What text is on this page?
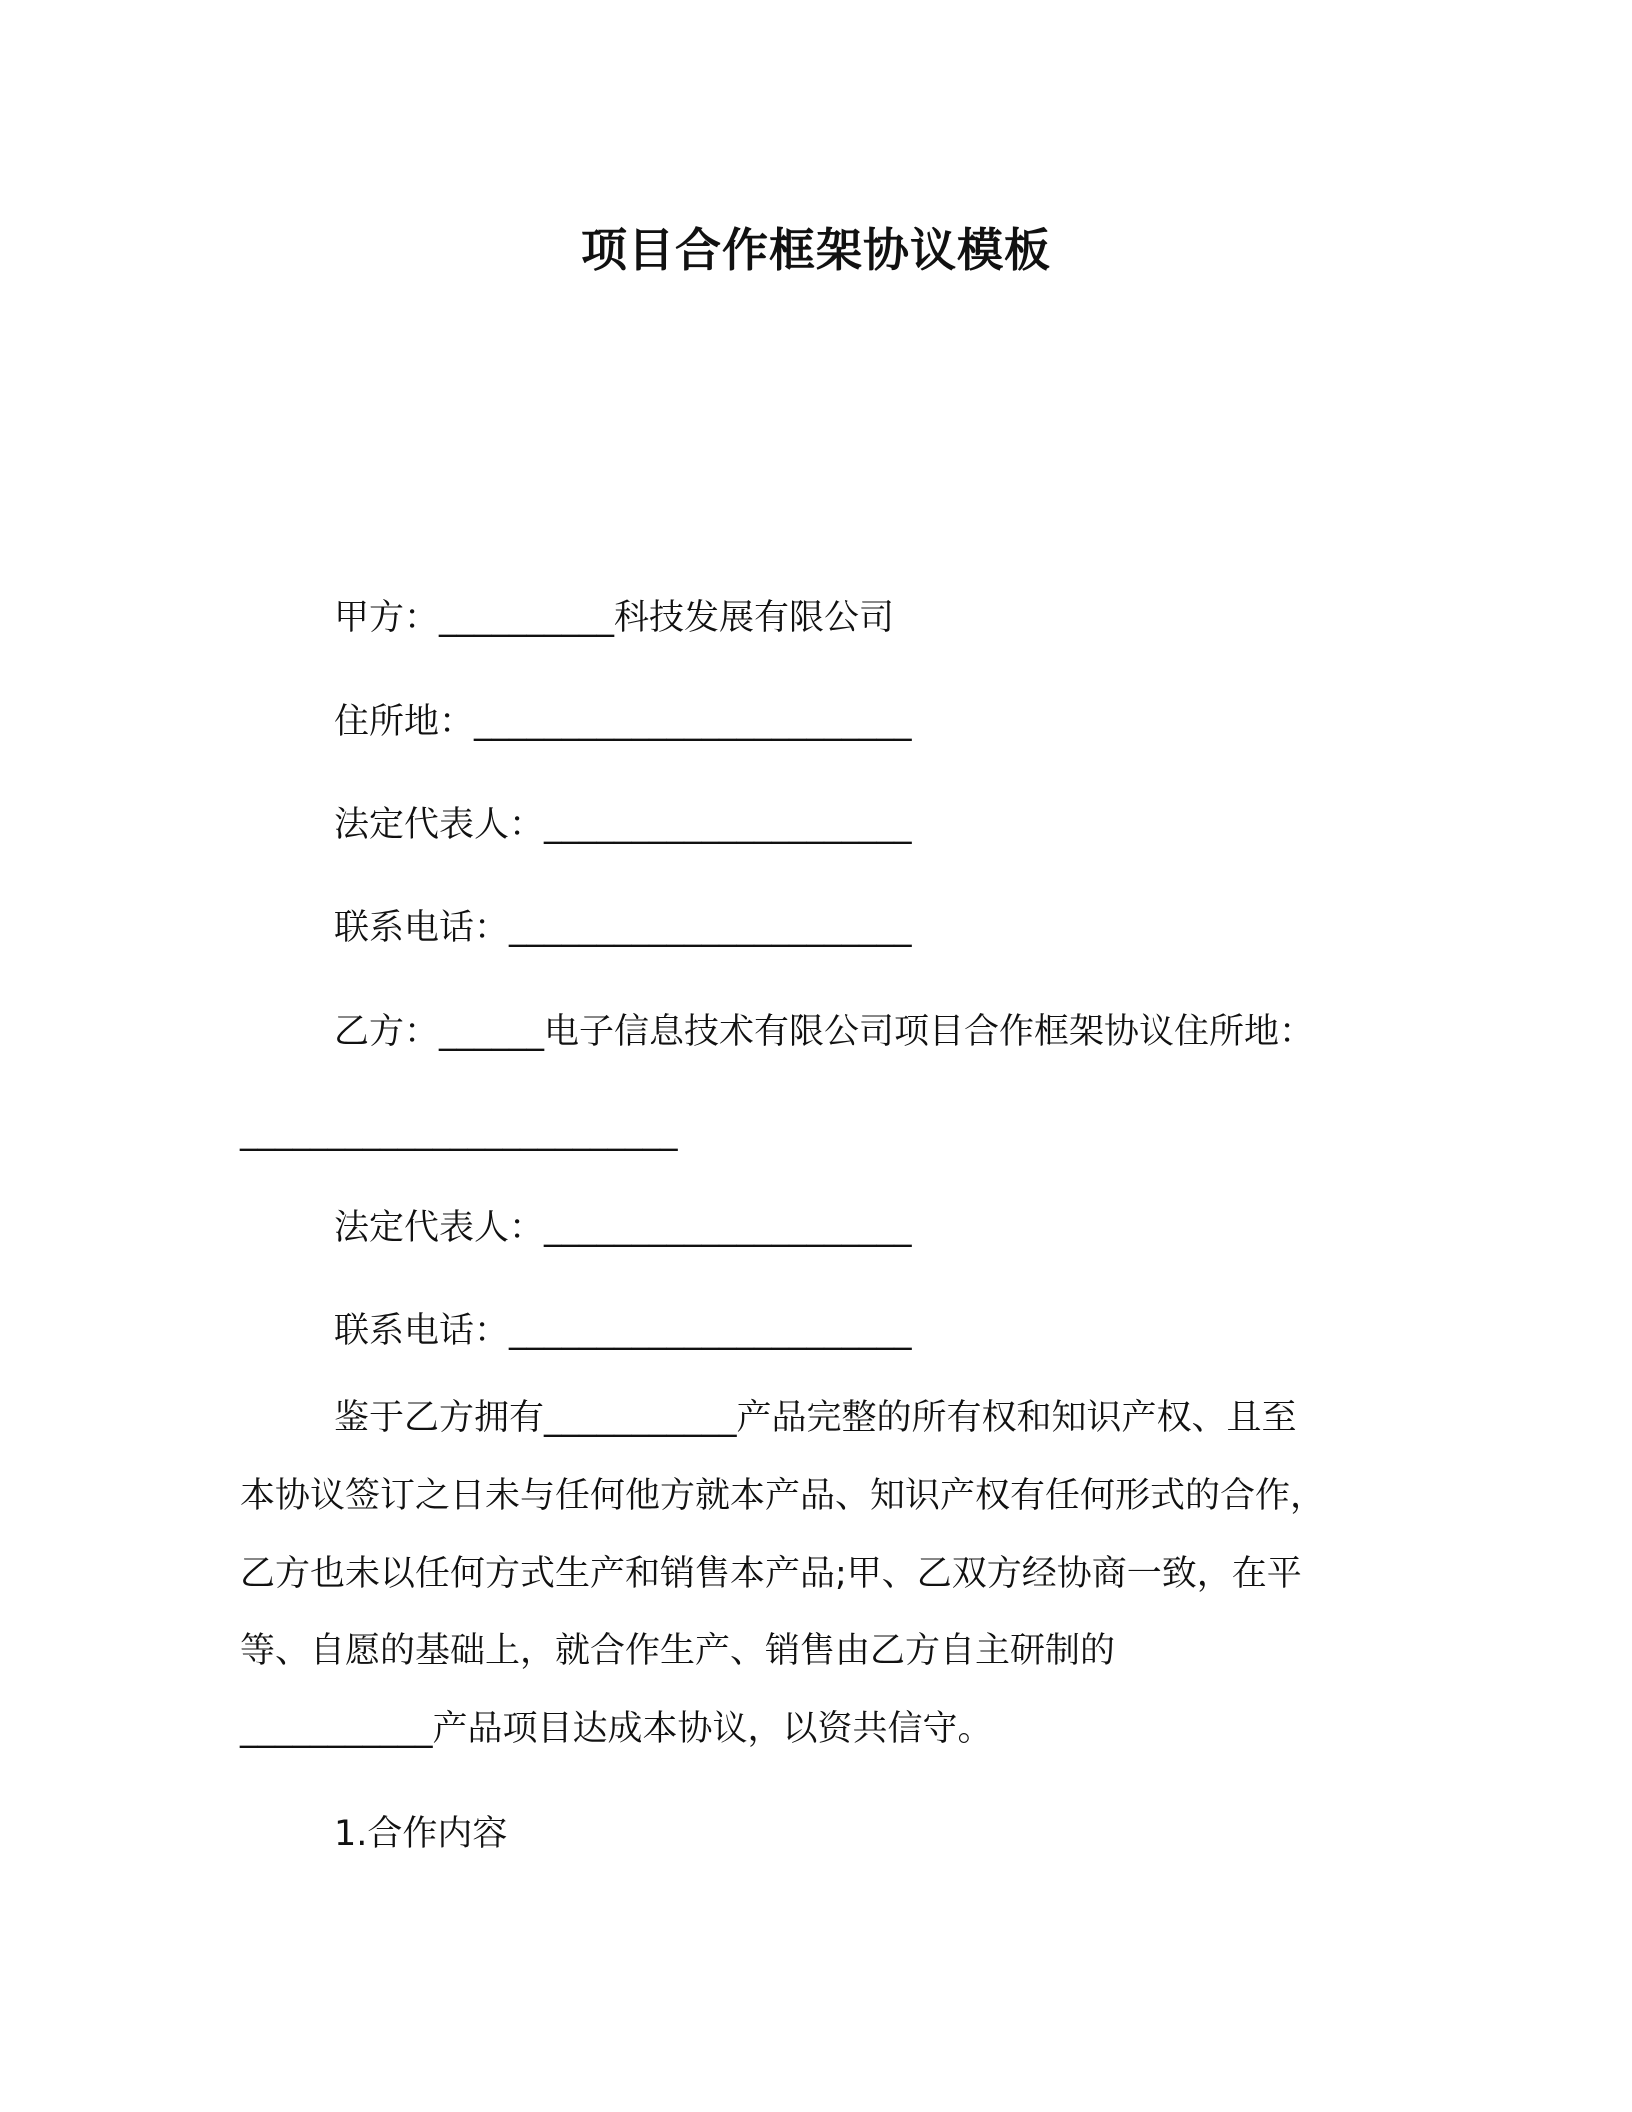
项目合作框架协议模板
甲方：__________科技发展有限公司
住所地：_________________________
法定代表人：_____________________
联系电话：_______________________
乙方：______电子信息技术有限公司项目合作框架协议住所地：
_________________________
法定代表人：_____________________
联系电话：_______________________
鉴于乙方拥有___________产品完整的所有权和知识产权、且至
本协议签订之日未与任何他方就本产品、知识产权有任何形式的合作，
乙方也未以任何方式生产和销售本产品;甲、乙双方经协商一致，在平
等、自愿的基础上，就合作生产、销售由乙方自主研制的
___________产品项目达成本协议，以资共信守。
1.合作内容
